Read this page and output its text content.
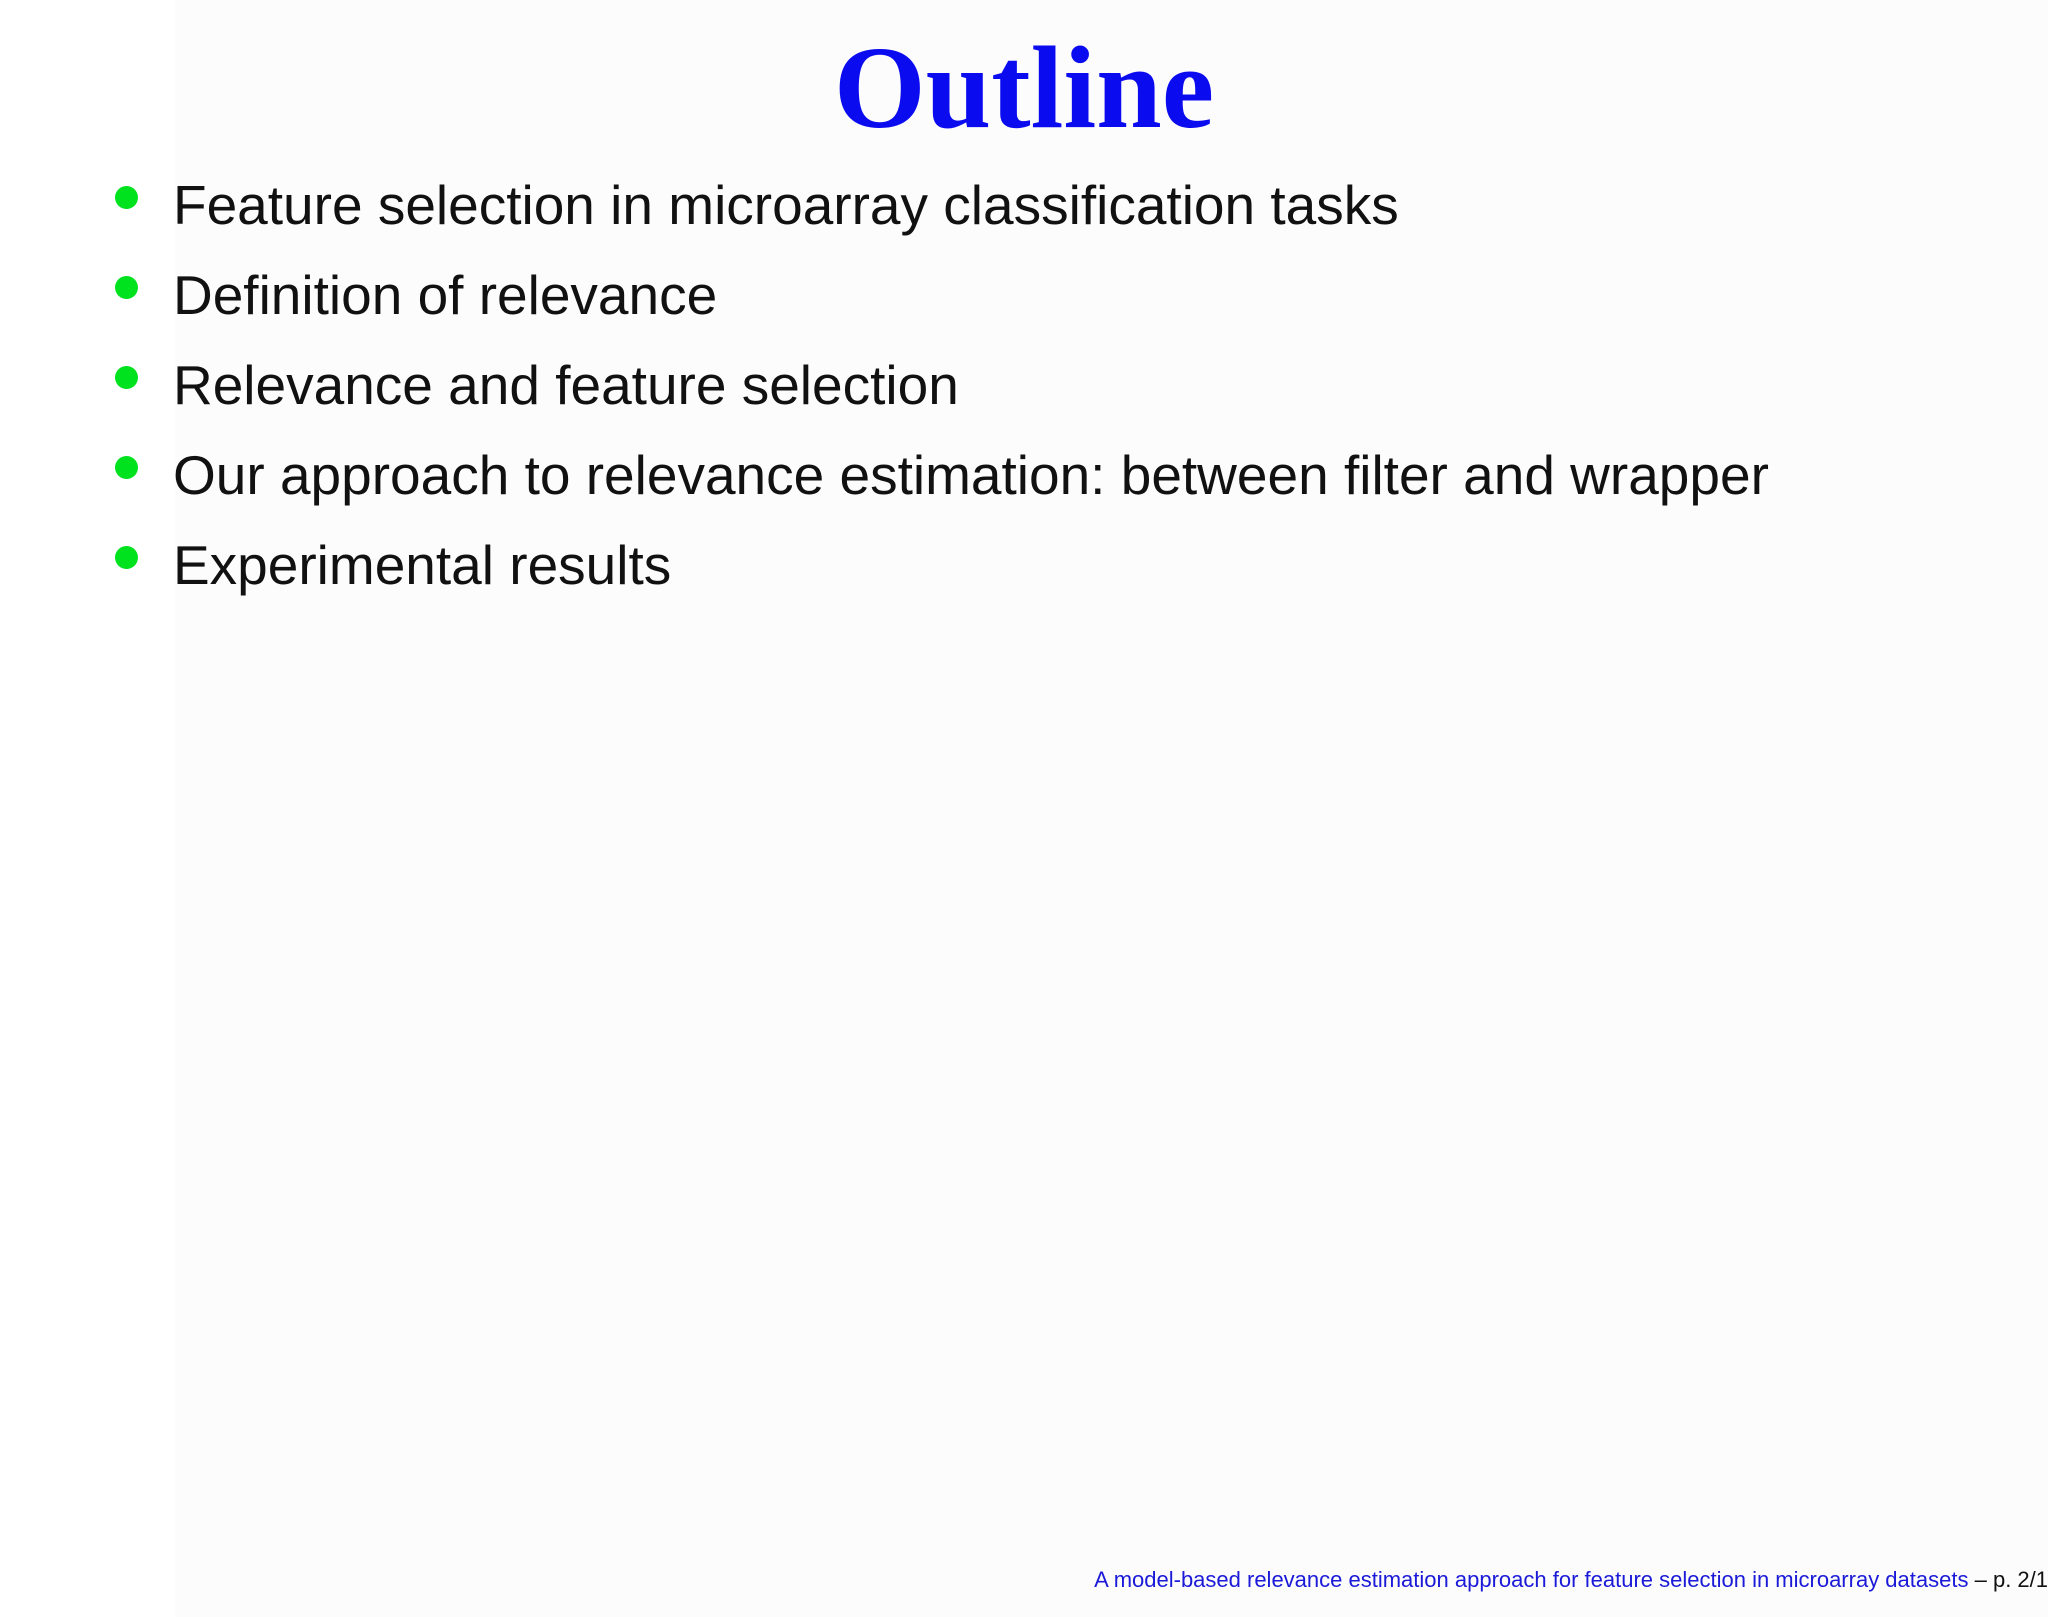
Outline
Feature selection in microarray classification tasks
Definition of relevance
Relevance and feature selection
Our approach to relevance estimation: between filter and wrapper
Experimental results
A model-based relevance estimation approach for feature selection in microarray datasets – p. 2/1
